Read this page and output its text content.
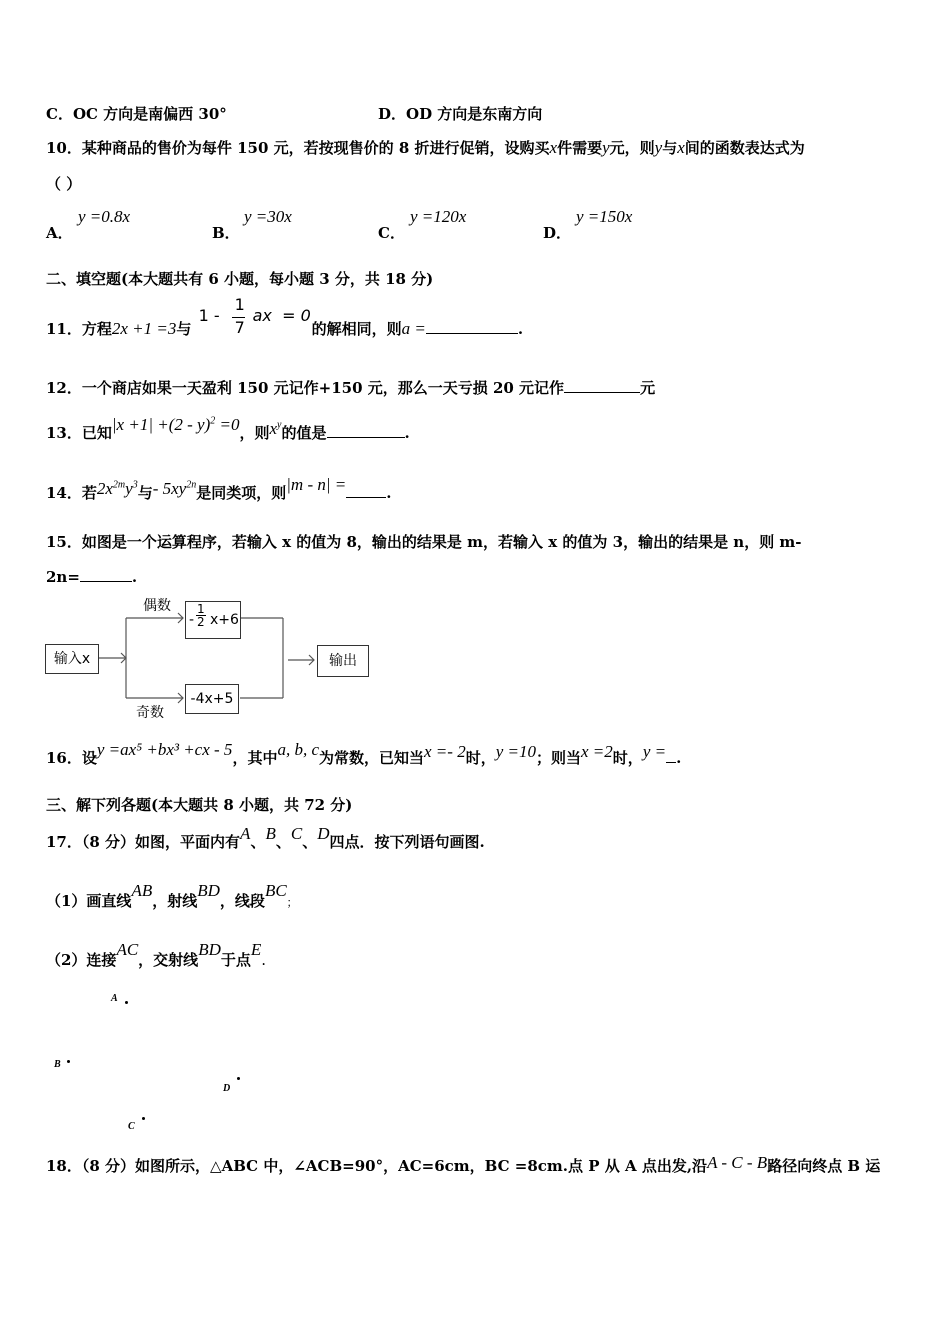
C．OC 方向是南偏西 30°	D．OD 方向是东南方向
10．某种商品的售价为每件 150 元，若按现售价的 8 折进行促销，设购买x件需要y元，则y与x间的函数表达式为
（ ）
A．
y =0.8x
B．
y =30x
C．
y =120x
D．
y =150x
二、填空题(本大题共有 6 小题，每小题 3 分，共 18 分)
11．方程2x +1 =3与
1 -
1
7
ax  = 0
的解相同，则a =	.
12．一个商店如果一天盈利 150 元记作+150 元，那么一天亏损 20 元记作	元
13．已知|x +1| +(2 - y)$^2$ =0，则$x^y$的值是	.
14．若$2x^{2m}y^3$与- $5xy^{2n}$是同类项，则|m - n| =	.
15．如图是一个运算程序，若输入 x 的值为 8，输出的结果是 m，若输入 x 的值为 3，输出的结果是 n，则 m-
2n=	.
输入x
偶数
奇数
- $\frac{1}{2} x+6$
-4x+5
输出
16．设y =ax⁵ +bx³ +cx - 5，其中a, b, c为常数，已知当x =- 2时，y =10；则当x =2时，y = .
三、解下列各题(本大题共 8 小题，共 72 分)
17．（8 分）如图，平面内有A、B、C、D四点．按下列语句画图.
（1）画直线AB，射线BD，线段BC；
（2）连接AC，交射线BD于点E.
A
B
D
C
18．（8 分）如图所示，△ABC 中，∠ACB=90°，AC=6cm，BC =8cm.点 P 从 A 点出发,沿A - C - B路径向终点 B 运
